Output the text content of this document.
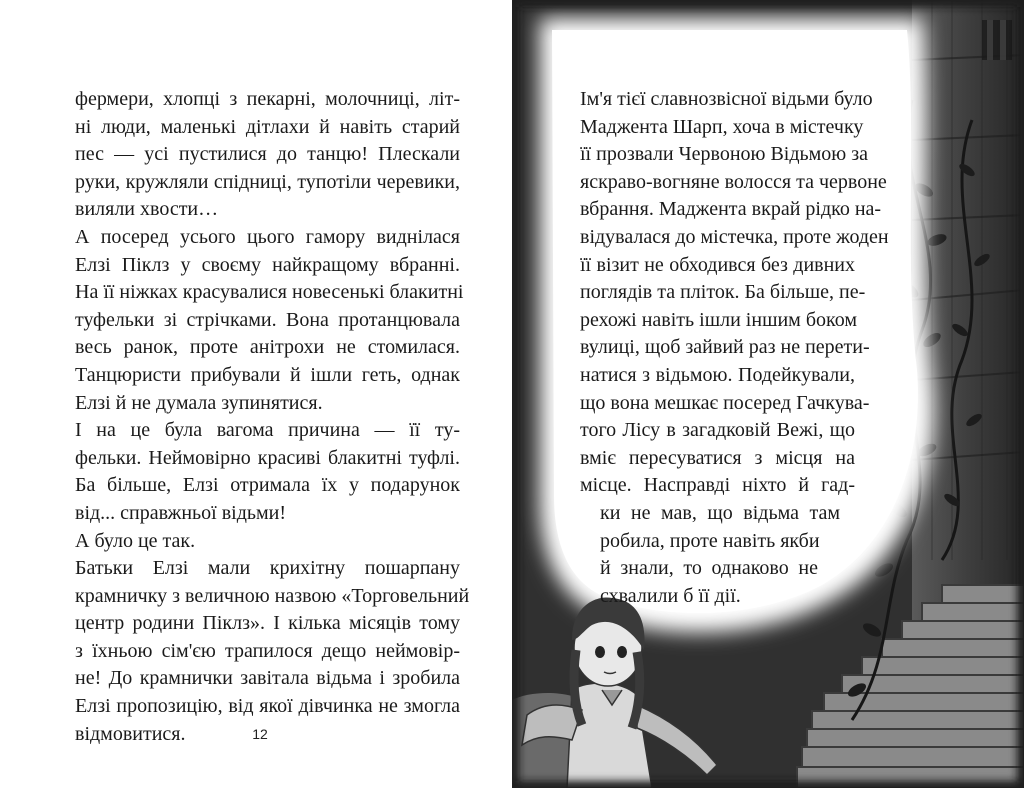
фермери, хлопці з пекарні, молочниці, літ-
ні люди, маленькі дітлахи й навіть старий
пес — усі пустилися до танцю! Плескали
руки, кружляли спідниці, тупотіли черевики,
виляли хвости…
А посеред усього цього гамору виднілася
Елзі Піклз у своєму найкращому вбранні.
На її ніжках красувалися новесенькі блакитні
туфельки зі стрічками. Вона протанцювала
весь ранок, проте анітрохи не стомилася.
Танцюристи прибували й ішли геть, однак
Елзі й не думала зупинятися.
І на це була вагома причина — її ту-
фельки. Неймовірно красиві блакитні туфлі.
Ба більше, Елзі отримала їх у подарунок
від... справжньої відьми!
А було це так.
Батьки Елзі мали крихітну пошарпану
крамничку з величною назвою «Торговельний
центр родини Піклз». І кілька місяців тому
з їхньою сім'єю трапилося дещо неймовір-
не! До крамнички завітала відьма і зробила
Елзі пропозицію, від якої дівчинка не змогла
відмовитися.	12
Ім'я тієї славнозвісної відьми було
Маджента Шарп, хоча в містечку
її прозвали Червоною Відьмою за
яскраво-вогняне волосся та червоне
вбрання. Маджента вкрай рідко на-
відувалася до містечка, проте жоден
її візит не обходився без дивних
поглядів та пліток. Ба більше, пе-
рехожі навіть ішли іншим боком
вулиці, щоб зайвий раз не перети-
натися з відьмою. Подейкували,
що вона мешкає посеред Гачкува-
того Лісу в загадковій Вежі, що
вміє пересуватися з місця на
місце. Насправді ніхто й гад-
ки не мав, що відьма там
робила, проте навіть якби
й знали, то однаково не
схвалили б її дії.
